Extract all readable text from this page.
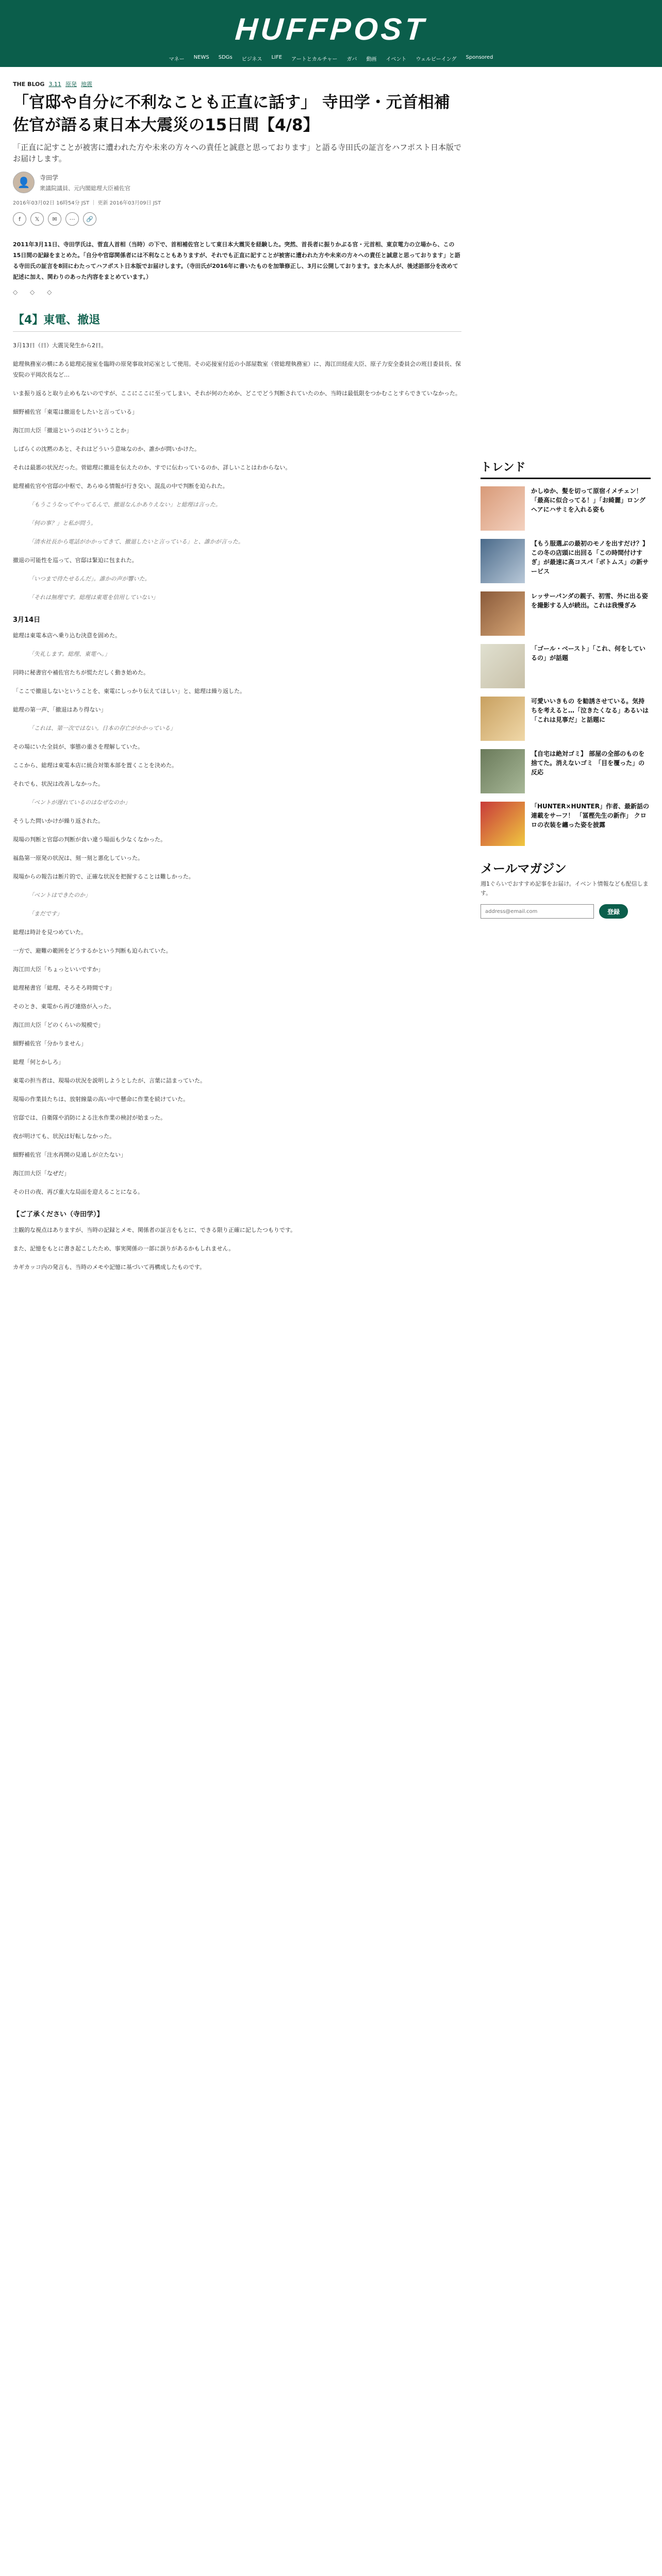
HUFFPOST
マネー NEWS SDGs ビジネス LIFE アートとカルチャー ガバ 動画 イベント ウェルビーイング Sponsored
THE BLOG 3.11 原発 地震
「官邸や自分に不利なことも正直に話す」 寺田学・元首相補佐官が語る東日本大震災の15日間【4/8】

「正直に記すことが被害に遭われた方や未来の方々への責任と誠意と思っております」と語る寺田氏の証言をハフポスト日本版でお届けします。

👤 寺田学
衆議院議員、元内閣総理大臣補佐官
2016年03月02日 16時54分 JST ｜ 更新 2016年03月09日 JST
f	𝕏	✉	⋯	🔗

2011年3月11日、寺田学氏は、菅直人首相（当時）の下で、首相補佐官として東日本大震災を経験した。突然、首長者に振りかぶる官・元首相、東京電力の立場から、この15日間の記録をまとめた。「自分や官邸関係者には不利なこともありますが、それでも正直に記すことが被害に遭われた方や未来の方々への責任と誠意と思っております」と語る寺田氏の証言を8回にわたってハフポスト日本版でお届けします。（寺田氏が2016年に書いたものを加筆修正し、3月に公開しております。また本人が、後述語部分を改めて記述に加え、関わりのあった内容をまとめています。）

◇ ◇ ◇
【4】東電、撤退

3月13日（日）大震災発生から2日。

総理執務室の横にある総理応接室を臨時の原発事故対応室として使用。その応接室付近の小部屋数室（菅総理執務室）に、海江田経産大臣、原子力安全委員会の班目委員長、保安院の平岡次長など…

いま振り返ると取り止めもないのですが、ここにここに至ってしまい、それが何のためか、どこでどう判断されていたのか、当時は最低限をつかむことすらできていなかった。

細野補佐官「東電は撤退をしたいと言っている」

海江田大臣「撤退というのはどういうことか」

しばらくの沈黙のあと、それはどういう意味なのか、誰かが問いかけた。

それは最悪の状況だった。菅総理に撤退を伝えたのか、すでに伝わっているのか、詳しいことはわからない。

総理補佐官や官邸の中枢で、あらゆる情報が行き交い、混乱の中で判断を迫られた。

「もうこうなってやってるんで、撤退なんかありえない」と総理は言った。

「何の事？」と私が問う。

「清水社長から電話がかかってきて、撤退したいと言っている」と、誰かが言った。

撤退の可能性を巡って、官邸は緊迫に包まれた。

「いつまで待たせるんだ」。誰かの声が響いた。

「それは無理です。総理は東電を信用していない」

3月14日

総理は東電本店へ乗り込む決意を固めた。

「失礼します。総理、東電へ。」

同時に秘書官や補佐官たちが慌ただしく動き始めた。

「ここで撤退しないということを、東電にしっかり伝えてほしい」と、総理は繰り返した。

総理の第一声、「撤退はあり得ない」

「これは、第一次ではない。日本の存亡がかかっている」

その場にいた全員が、事態の重さを理解していた。

ここから、総理は東電本店に統合対策本部を置くことを決めた。

それでも、状況は改善しなかった。

「ベントが遅れているのはなぜなのか」

そうした問いかけが繰り返された。

現場の判断と官邸の判断が食い違う場面も少なくなかった。

福島第一原発の状況は、刻一刻と悪化していった。

現場からの報告は断片的で、正確な状況を把握することは難しかった。

「ベントはできたのか」

「まだです」

総理は時計を見つめていた。

一方で、避難の範囲をどうするかという判断も迫られていた。

海江田大臣「ちょっといいですか」

総理秘書官「総理、そろそろ時間です」

そのとき、東電から再び連絡が入った。

海江田大臣「どのくらいの規模で」

細野補佐官「分かりません」

総理「何とかしろ」

東電の担当者は、現場の状況を説明しようとしたが、言葉に詰まっていた。

現場の作業員たちは、放射線量の高い中で懸命に作業を続けていた。

官邸では、自衛隊や消防による注水作業の検討が始まった。

夜が明けても、状況は好転しなかった。

細野補佐官「注水再開の見通しが立たない」

海江田大臣「なぜだ」

その日の夜、再び重大な局面を迎えることになる。

【ご了承ください（寺田学）】

主観的な視点はありますが、当時の記録とメモ、関係者の証言をもとに、できる限り正確に記したつもりです。

また、記憶をもとに書き起こしたため、事実関係の一部に誤りがあるかもしれません。

カギカッコ内の発言も、当時のメモや記憶に基づいて再構成したものです。

トレンド
かしゆか、髪を切って原宿イメチェン！ 「最高に似合ってる！」「お綺麗」ロングヘアにハサミを入れる姿も
【もう服選ぶの最初のモノを出すだけ？】この冬の店頭に出回る「この時間付けすぎ」が最速に高コスパ「ボトムス」の新サービス
レッサーパンダの親子、初雪、外に出る姿を撮影する人が続出。これは我慢ぎみ
「ゴール・ベースト」「これ、何をしているの」が話題
可愛いいきもの を勧誘させている。気持ちを考えると…「泣きたくなる」あるいは「これは見事だ」と話題に
【自宅は絶対ゴミ】 部屋の全部のものを捨てた。消えないゴミ 「目を覆った」の反応
「HUNTER×HUNTER」作者、最新話の連載をサーフ！ 「冨樫先生の新作」 クロロの衣装を纏った姿を披露
メールマガジン
週1ぐらいでおすすめ記事をお届け。イベント情報なども配信します。
address@email.com
登録
